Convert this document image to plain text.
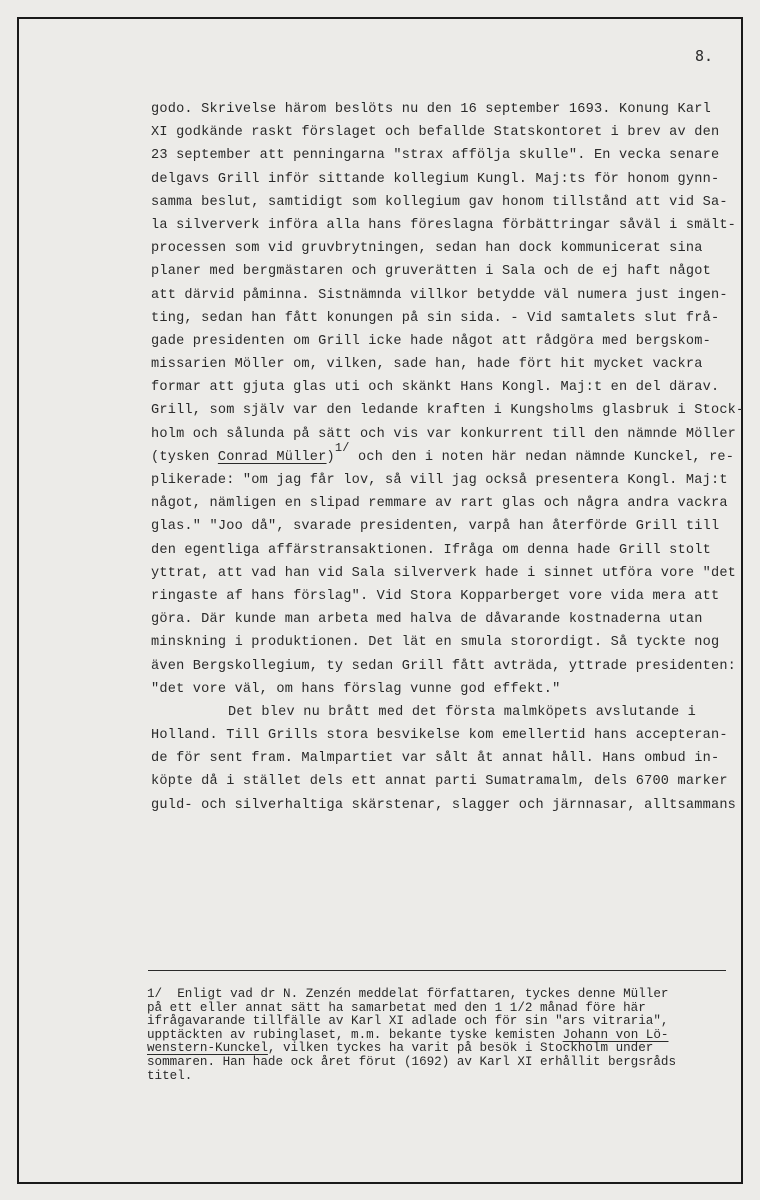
8.
godo. Skrivelse härom beslöts nu den 16 september 1693. Konung Karl
XI godkände raskt förslaget och befallde Statskontoret i brev av den
23 september att penningarna "strax afföljа skulle". En vecka senare
delgavs Grill inför sittande kollegium Kungl. Maj:ts för honom gynn-
samma beslut, samtidigt som kollegium gav honom tillstånd att vid Sa-
la silververk införa alla hans föreslagna förbättringar såväl i smält-
processen som vid gruvbrytningen, sedan han dock kommunicerat sina
planer med bergmästaren och gruverätten i Sala och de ej haft något
att därvid påminna. Sistnämnda villkor betydde väl numera just ingen-
ting, sedan han fått konungen på sin sida. - Vid samtalets slut frå-
gade presidenten om Grill icke hade något att rådgöra med bergskom-
missarien Möller om, vilken, sade han, hade fört hit mycket vackra
formar att gjuta glas uti och skänkt Hans Kongl. Maj:t en del därav.
Grill, som själv var den ledande kraften i Kungsholms glasbruk i Stock-
holm och sålunda på sätt och vis var konkurrent till den nämnde Möller
(tysken Conrad Müller)1/ och den i noten här nedan nämnde Kunckel, re-
plikerade: "om jag får lov, så vill jag också presentera Kongl. Maj:t
något, nämligen en slipad remmare av rart glas och några andra vackra
glas." "Joo då", svarade presidenten, varpå han återförde Grill till
den egentliga affärstransaktionen. Ifråga om denna hade Grill stolt
yttrat, att vad han vid Sala silververk hade i sinnet utföra vore "det
ringaste af hans förslag". Vid Stora Kopparberget vore vida mera att
göra. Där kunde man arbeta med halva de dåvarande kostnaderna utan
minskning i produktionen. Det lät en smula storordigt. Så tyckte nog
även Bergskollegium, ty sedan Grill fått avträda, yttrade presidenten:
"det vore väl, om hans förslag vunne god effekt."
Det blev nu brått med det första malmköpets avslutande i
Holland. Till Grills stora besvikelse kom emellertid hans accepteran-
de för sent fram. Malmpartiet var sålt åt annat håll. Hans ombud in-
köpte då i stället dels ett annat parti Sumatramalm, dels 6700 marker
guld- och silverhaltiga skärstenar, slagger och järnnasar, alltsammans
1/  Enligt vad dr N. Zenzén meddelat författaren, tyckes denne Müller
på ett eller annat sätt ha samarbetat med den 1 1/2 månad före här
ifrågavarande tillfälle av Karl XI adlade och för sin "ars vitraria",
upptäckten av rubinglaset, m.m. bekante tyske kemisten Johann von Lö-
wenstern-Kunckel, vilken tyckes ha varit på besök i Stockholm under
sommaren. Han hade ock året förut (1692) av Karl XI erhållit bergsråds
titel.
